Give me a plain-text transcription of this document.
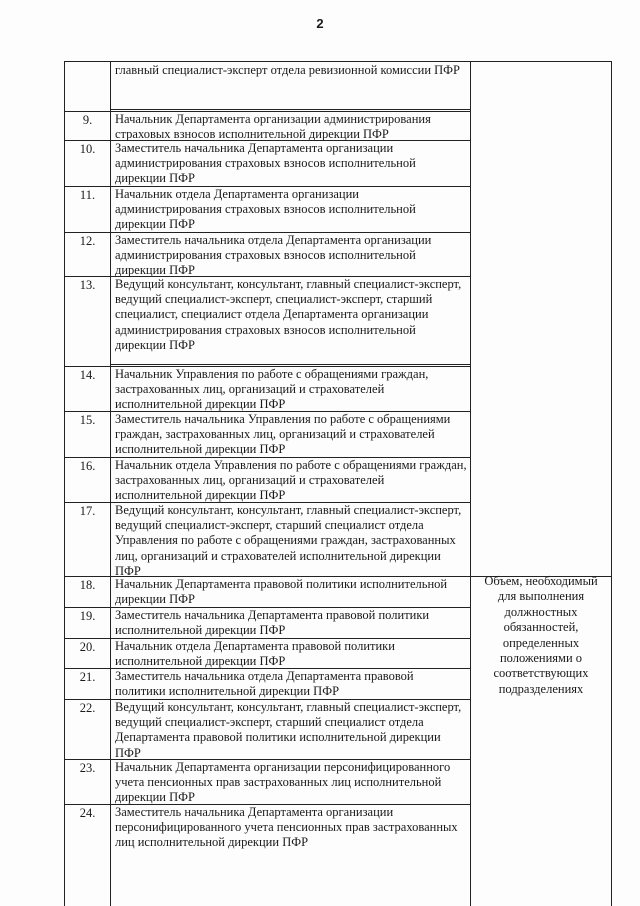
2
главный специалист-эксперт отдела ревизионной комиссии ПФР
9.	Начальник Департамента организации администрирования страховых взносов исполнительной дирекции ПФР
10.	Заместитель начальника Департамента организации администрирования страховых взносов исполнительной дирекции ПФР
11.	Начальник отдела Департамента организации администрирования страховых взносов исполнительной дирекции ПФР
12.	Заместитель начальника отдела Департамента организации администрирования страховых взносов исполнительной дирекции ПФР
13.	Ведущий консультант, консультант, главный специалист-эксперт, ведущий специалист-эксперт, специалист-эксперт, старший специалист, специалист отдела Департамента организации администрирования страховых взносов исполнительной дирекции ПФР
14.	Начальник Управления по работе с обращениями граждан, застрахованных лиц, организаций и страхователей исполнительной дирекции ПФР
15.	Заместитель начальника Управления по работе с обращениями граждан, застрахованных лиц, организаций и страхователей исполнительной дирекции ПФР
16.	Начальник отдела Управления по работе с обращениями граждан, застрахованных лиц, организаций и страхователей исполнительной дирекции ПФР
17.	Ведущий консультант, консультант, главный специалист-эксперт, ведущий специалист-эксперт, старший специалист отдела Управления по работе с обращениями граждан, застрахованных лиц, организаций и страхователей исполнительной дирекции ПФР
18.	Начальник Департамента правовой политики исполнительной дирекции ПФР
19.	Заместитель начальника Департамента правовой политики исполнительной дирекции ПФР
20.	Начальник отдела Департамента правовой политики исполнительной дирекции ПФР
21.	Заместитель начальника отдела Департамента правовой политики исполнительной дирекции ПФР
22.	Ведущий консультант, консультант, главный специалист-эксперт, ведущий специалист-эксперт, старший специалист отдела Департамента правовой политики исполнительной дирекции ПФР
23.	Начальник Департамента организации персонифицированного учета пенсионных прав застрахованных лиц исполнительной дирекции ПФР
24.	Заместитель начальника Департамента организации персонифицированного учета пенсионных прав застрахованных лиц исполнительной дирекции ПФР
Объем, необходимый для выполнения должностных обязанностей, определенных положениями о соответствующих подразделениях
